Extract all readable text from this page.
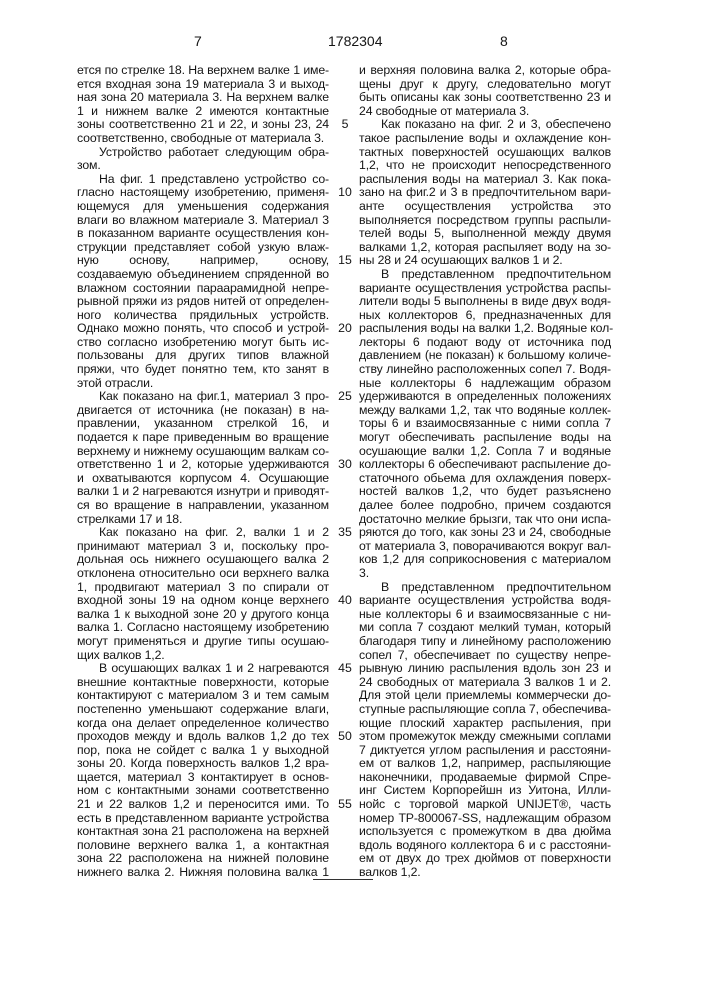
7	1782304	8
ется по стрелке 18. На верхнем валке 1 име-
ется входная зона 19 материала 3 и выход-
ная зона 20 материала 3. На верхнем валке
1 и нижнем валке 2 имеются контактные
зоны соответственно 21 и 22, и зоны 23, 24
соответственно, свободные от материала 3.
Устройство работает следующим обра-
зом.
На фиг. 1 представлено устройство со-
гласно настоящему изобретению, применя-
ющемуся для уменьшения содержания
влаги во влажном материале 3. Материал 3
в показанном варианте осуществления кон-
струкции представляет собой узкую влаж-
ную основу, например, основу,
создаваемую объединением спряденной во
влажном состоянии параарамидной непре-
рывной пряжи из рядов нитей от определен-
ного количества прядильных устройств.
Однако можно понять, что способ и устрой-
ство согласно изобретению могут быть ис-
пользованы для других типов влажной
пряжи, что будет понятно тем, кто занят в
этой отрасли.
Как показано на фиг.1, материал 3 про-
двигается от источника (не показан) в на-
правлении, указанном стрелкой 16, и
подается к паре приведенным во вращение
верхнему и нижнему осушающим валкам со-
ответственно 1 и 2, которые удерживаются
и охватываются корпусом 4. Осушающие
валки 1 и 2 нагреваются изнутри и приводят-
ся во вращение в направлении, указанном
стрелками 17 и 18.
Как показано на фиг. 2, валки 1 и 2
принимают материал 3 и, поскольку про-
дольная ось нижнего осушающего валка 2
отклонена относительно оси верхнего валка
1, продвигают материал 3 по спирали от
входной зоны 19 на одном конце верхнего
валка 1 к выходной зоне 20 у другого конца
валка 1. Согласно настоящему изобретению
могут применяться и другие типы осушаю-
щих валков 1,2.
В осушающих валках 1 и 2 нагреваются
внешние контактные поверхности, которые
контактируют с материалом 3 и тем самым
постепенно уменьшают содержание влаги,
когда она делает определенное количество
проходов между и вдоль валков 1,2 до тех
пор, пока не сойдет с валка 1 у выходной
зоны 20. Когда поверхность валков 1,2 вра-
щается, материал 3 контактирует в основ-
ном с контактными зонами соответственно
21 и 22 валков 1,2 и переносится ими. То
есть в представленном варианте устройства
контактная зона 21 расположена на верхней
половине верхнего валка 1, а контактная
зона 22 расположена на нижней половине
нижнего валка 2. Нижняя половина валка 1
5
10
15
20
25
30
35
40
45
50
55
и верхняя половина валка 2, которые обра-
щены друг к другу, следовательно могут
быть описаны как зоны соответственно 23 и
24 свободные от материала 3.
Как показано на фиг. 2 и 3, обеспечено
такое распыление воды и охлаждение кон-
тактных поверхностей осушающих валков
1,2, что не происходит непосредственного
распыления воды на материал 3. Как пока-
зано на фиг.2 и 3 в предпочтительном вари-
анте осуществления устройства это
выполняется посредством группы распыли-
телей воды 5, выполненной между двумя
валками 1,2, которая распыляет воду на зо-
ны 28 и 24 осушающих валков 1 и 2.
В представленном предпочтительном
варианте осуществления устройства распы-
лители воды 5 выполнены в виде двух водя-
ных коллекторов 6, предназначенных для
распыления воды на валки 1,2. Водяные кол-
лекторы 6 подают воду от источника под
давлением (не показан) к большому количе-
ству линейно расположенных сопел 7. Водя-
ные коллекторы 6 надлежащим образом
удерживаются в определенных положениях
между валками 1,2, так что водяные коллек-
торы 6 и взаимосвязанные с ними сопла 7
могут обеспечивать распыление воды на
осушающие валки 1,2. Сопла 7 и водяные
коллекторы 6 обеспечивают распыление до-
статочного обьема для охлаждения поверх-
ностей валков 1,2, что будет разъяснено
далее более подробно, причем создаются
достаточно мелкие брызги, так что они испа-
ряются до того, как зоны 23 и 24, свободные
от материала 3, поворачиваются вокруг вал-
ков 1,2 для соприкосновения с материалом
3.
В представленном предпочтительном
варианте осуществления устройства водя-
ные коллекторы 6 и взаимосвязанные с ни-
ми сопла 7 создают мелкий туман, который
благодаря типу и линейному расположению
сопел 7, обеспечивает по существу непре-
рывную линию распыления вдоль зон 23 и
24 свободных от материала 3 валков 1 и 2.
Для этой цели приемлемы коммерчески до-
ступные распыляющие сопла 7, обеспечива-
ющие плоский характер распыления, при
этом промежуток между смежными соплами
7 диктуется углом распыления и расстояни-
ем от валков 1,2, например, распыляющие
наконечники, продаваемые фирмой Спре-
инг Систем Корпорейшн из Уитона, Илли-
нойс с торговой маркой UNIJET®, часть
номер ТР-800067-SS, надлежащим образом
используется с промежутком в два дюйма
вдоль водяного коллектора 6 и с расстояни-
ем от двух до трех дюймов от поверхности
валков 1,2.
